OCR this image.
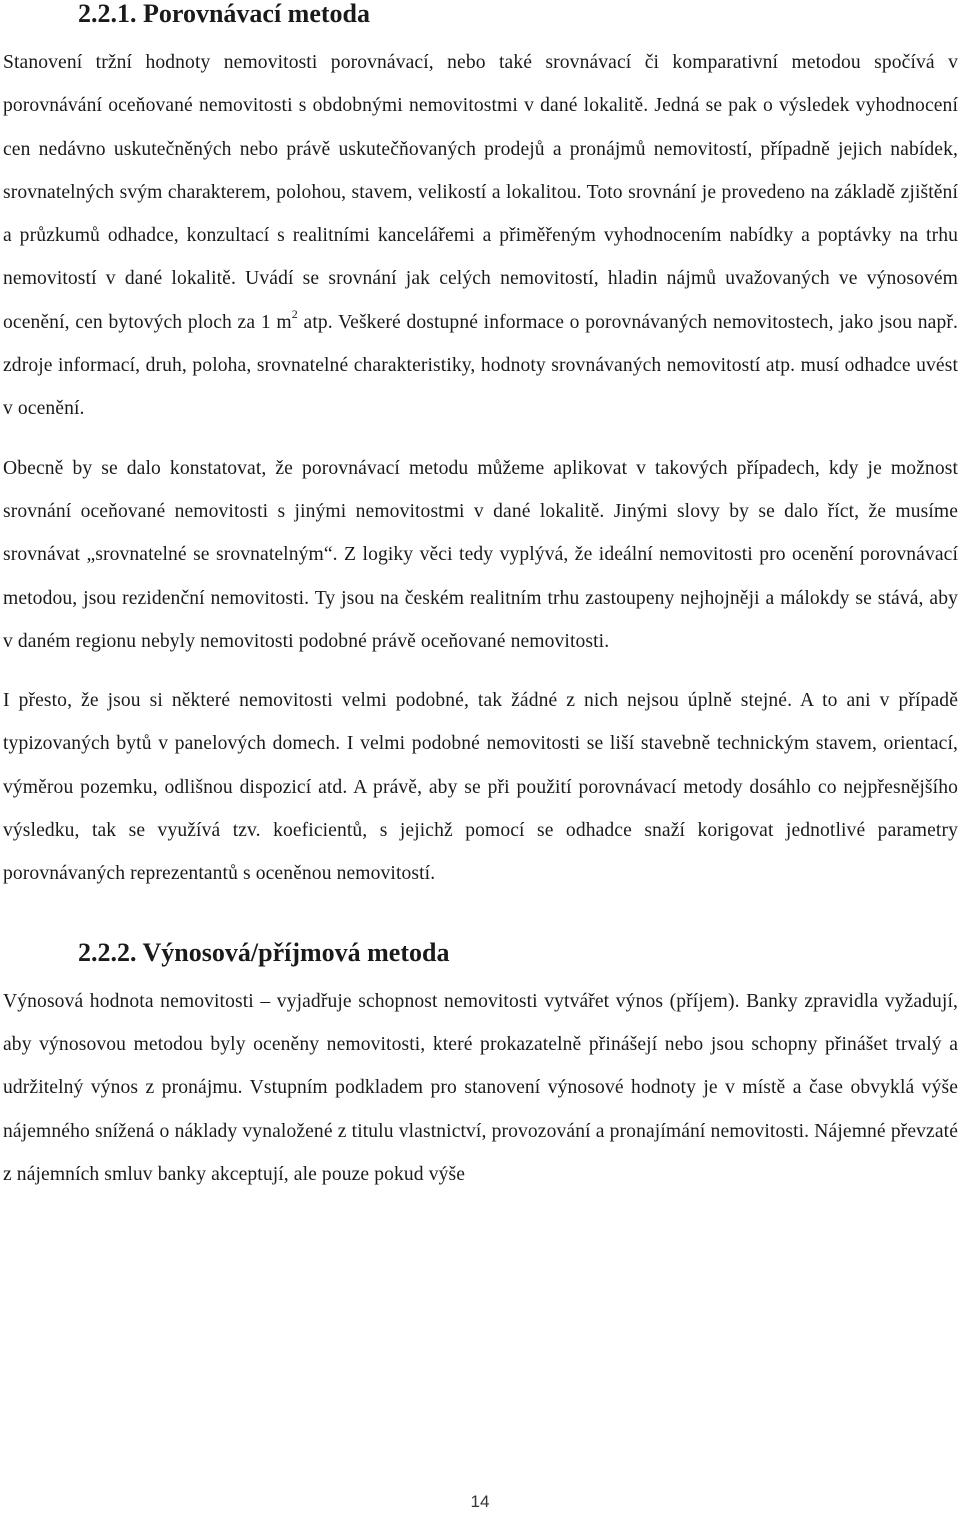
2.2.1. Porovnávací metoda

Stanovení tržní hodnoty nemovitosti porovnávací, nebo také srovnávací či komparativní metodou spočívá v porovnávání oceňované nemovitosti s obdobnými nemovitostmi v dané lokalitě. Jedná se pak o výsledek vyhodnocení cen nedávno uskutečněných nebo právě uskutečňovaných prodejů a pronájmů nemovitostí, případně jejich nabídek, srovnatelných svým charakterem, polohou, stavem, velikostí a lokalitou. Toto srovnání je provedeno na základě zjištění a průzkumů odhadce, konzultací s realitními kancelářemi a přiměřeným vyhodnocením nabídky a poptávky na trhu nemovitostí v dané lokalitě. Uvádí se srovnání jak celých nemovitostí, hladin nájmů uvažovaných ve výnosovém ocenění, cen bytových ploch za 1 $m^2$ atp. Veškeré dostupné informace o porovnávaných nemovitostech, jako jsou např. zdroje informací, druh, poloha, srovnatelné charakteristiky, hodnoty srovnávaných nemovitostí atp. musí odhadce uvést v ocenění.

Obecně by se dalo konstatovat, že porovnávací metodu můžeme aplikovat v takových případech, kdy je možnost srovnání oceňované nemovitosti s jinými nemovitostmi v dané lokalitě. Jinými slovy by se dalo říct, že musíme srovnávat „srovnatelné se srovnatelným“. Z logiky věci tedy vyplývá, že ideální nemovitosti pro ocenění porovnávací metodou, jsou rezidenční nemovitosti. Ty jsou na českém realitním trhu zastoupeny nejhojněji a málokdy se stává, aby v daném regionu nebyly nemovitosti podobné právě oceňované nemovitosti.

I přesto, že jsou si některé nemovitosti velmi podobné, tak žádné z nich nejsou úplně stejné. A to ani v případě typizovaných bytů v panelových domech. I velmi podobné nemovitosti se liší stavebně technickým stavem, orientací, výměrou pozemku, odlišnou dispozicí atd. A právě, aby se při použití porovnávací metody dosáhlo co nejpřesnějšího výsledku, tak se využívá tzv. koeficientů, s jejichž pomocí se odhadce snaží korigovat jednotlivé parametry porovnávaných reprezentantů s oceněnou nemovitostí.

2.2.2. Výnosová/příjmová metoda

Výnosová hodnota nemovitosti – vyjadřuje schopnost nemovitosti vytvářet výnos (příjem). Banky zpravidla vyžadují, aby výnosovou metodou byly oceněny nemovitosti, které prokazatelně přinášejí nebo jsou schopny přinášet trvalý a udržitelný výnos z pronájmu. Vstupním podkladem pro stanovení výnosové hodnoty je v místě a čase obvyklá výše nájemného snížená o náklady vynaložené z titulu vlastnictví, provozování a pronajímání nemovitosti. Nájemné převzaté z nájemních smluv banky akceptují, ale pouze pokud výše

14
